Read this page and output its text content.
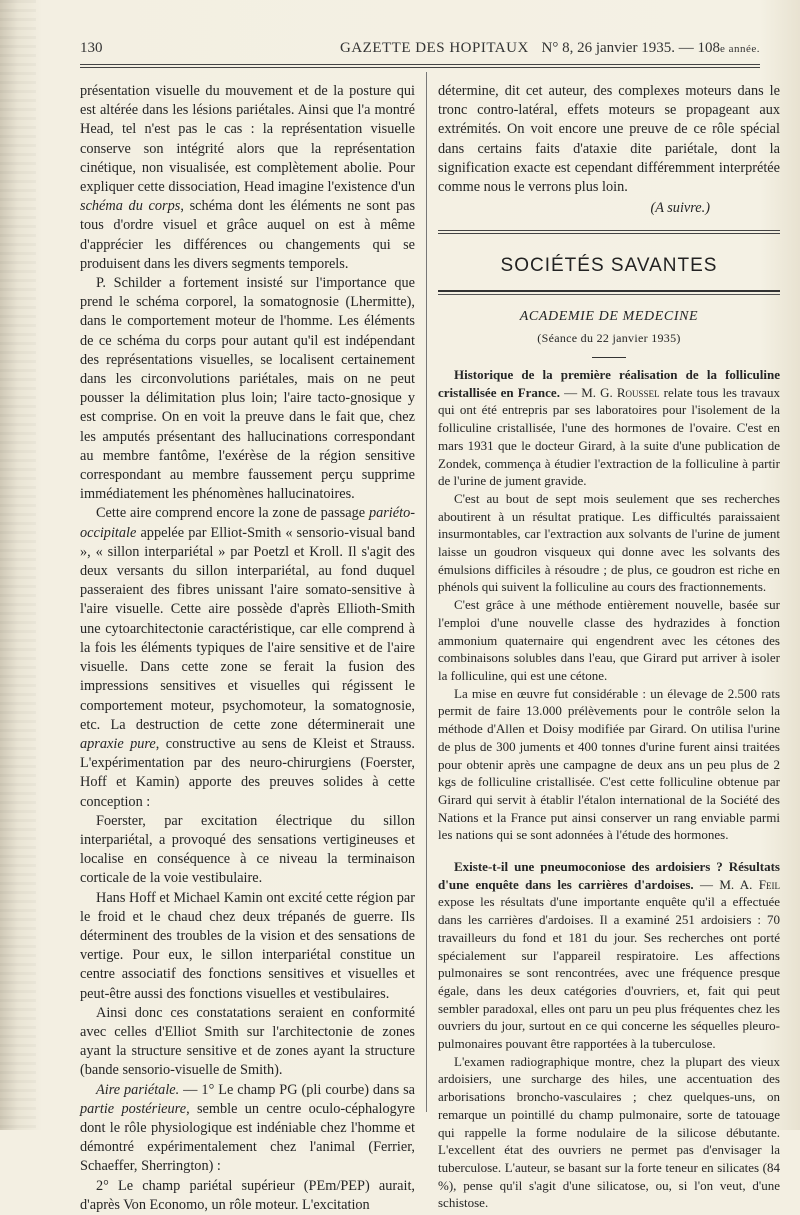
130	GAZETTE DES HOPITAUX N° 8, 26 janvier 1935. — 108e année.

présentation visuelle du mouvement et de la posture qui est altérée dans les lésions pariétales. Ainsi que l'a montré Head, tel n'est pas le cas : la représentation visuelle conserve son intégrité alors que la représentation cinétique, non visualisée, est complètement abolie. Pour expliquer cette dissociation, Head imagine l'existence d'un schéma du corps, schéma dont les éléments ne sont pas tous d'ordre visuel et grâce auquel on est à même d'apprécier les différences ou changements qui se produisent dans les divers segments temporels.

P. Schilder a fortement insisté sur l'importance que prend le schéma corporel, la somatognosie (Lhermitte), dans le comportement moteur de l'homme. Les éléments de ce schéma du corps pour autant qu'il est indépendant des représentations visuelles, se localisent certainement dans les circonvolutions pariétales, mais on ne peut pousser la délimitation plus loin; l'aire tacto-gnosique y est comprise. On en voit la preuve dans le fait que, chez les amputés présentant des hallucinations correspondant au membre fantôme, l'exérèse de la région sensitive correspondant au membre faussement perçu supprime immédiatement les phénomènes hallucinatoires.

Cette aire comprend encore la zone de passage pariéto-occipitale appelée par Elliot-Smith « sensorio-visual band », « sillon interpariétal » par Poetzl et Kroll. Il s'agit des deux versants du sillon interpariétal, au fond duquel passeraient des fibres unissant l'aire somato-sensitive à l'aire visuelle. Cette aire possède d'après Ellioth-Smith une cytoarchitectonie caractéristique, car elle comprend à la fois les éléments typiques de l'aire sensitive et de l'aire visuelle. Dans cette zone se ferait la fusion des impressions sensitives et visuelles qui régissent le comportement moteur, psychomoteur, la somatognosie, etc. La destruction de cette zone déterminerait une apraxie pure, constructive au sens de Kleist et Strauss. L'expérimentation par des neuro-chirurgiens (Foerster, Hoff et Kamin) apporte des preuves solides à cette conception :

Foerster, par excitation électrique du sillon interpariétal, a provoqué des sensations vertigineuses et localise en conséquence à ce niveau la terminaison corticale de la voie vestibulaire.

Hans Hoff et Michael Kamin ont excité cette région par le froid et le chaud chez deux trépanés de guerre. Ils déterminent des troubles de la vision et des sensations de vertige. Pour eux, le sillon interpariétal constitue un centre associatif des fonctions sensitives et visuelles et peut-être aussi des fonctions visuelles et vestibulaires.

Ainsi donc ces constatations seraient en conformité avec celles d'Elliot Smith sur l'architectonie de zones ayant la structure sensitive et de zones ayant la structure (bande sensorio-visuelle de Smith).

Aire pariétale. — 1° Le champ PG (pli courbe) dans sa partie postérieure, semble un centre oculo-céphalogyre dont le rôle physiologique est indéniable chez l'homme et démontré expérimentalement chez l'animal (Ferrier, Schaeffer, Sherrington) :

2° Le champ pariétal supérieur (PEm/PEP) aurait, d'après Von Economo, un rôle moteur. L'excitation

détermine, dit cet auteur, des complexes moteurs dans le tronc contro-latéral, effets moteurs se propageant aux extrémités. On voit encore une preuve de ce rôle spécial dans certains faits d'ataxie dite pariétale, dont la signification exacte est cependant différemment interprétée comme nous le verrons plus loin.

(A suivre.)
SOCIÉTÉS SAVANTES
ACADEMIE DE MEDECINE
(Séance du 22 janvier 1935)

Historique de la première réalisation de la folliculine cristallisée en France. — M. G. Roussel relate tous les travaux qui ont été entrepris par ses laboratoires pour l'isolement de la folliculine cristallisée, l'une des hormones de l'ovaire. C'est en mars 1931 que le docteur Girard, à la suite d'une publication de Zondek, commença à étudier l'extraction de la folliculine à partir de l'urine de jument gravide.

C'est au bout de sept mois seulement que ses recherches aboutirent à un résultat pratique. Les difficultés paraissaient insurmontables, car l'extraction aux solvants de l'urine de jument laisse un goudron visqueux qui donne avec les solvants des émulsions difficiles à résoudre ; de plus, ce goudron est riche en phénols qui suivent la folliculine au cours des fractionnements.

C'est grâce à une méthode entièrement nouvelle, basée sur l'emploi d'une nouvelle classe des hydrazides à fonction ammonium quaternaire qui engendrent avec les cétones des combinaisons solubles dans l'eau, que Girard put arriver à isoler la folliculine, qui est une cétone.

La mise en œuvre fut considérable : un élevage de 2.500 rats permit de faire 13.000 prélèvements pour le contrôle selon la méthode d'Allen et Doisy modifiée par Girard. On utilisa l'urine de plus de 300 juments et 400 tonnes d'urine furent ainsi traitées pour obtenir après une campagne de deux ans un peu plus de 2 kgs de folliculine cristallisée. C'est cette folliculine obtenue par Girard qui servit à établir l'étalon international de la Société des Nations et la France put ainsi conserver un rang enviable parmi les nations qui se sont adonnées à l'étude des hormones.

Existe-t-il une pneumoconiose des ardoisiers ? Résultats d'une enquête dans les carrières d'ardoises. — M. A. Feil expose les résultats d'une importante enquête qu'il a effectuée dans les carrières d'ardoises. Il a examiné 251 ardoisiers : 70 travailleurs du fond et 181 du jour. Ses recherches ont porté spécialement sur l'appareil respiratoire. Les affections pulmonaires se sont rencontrées, avec une fréquence presque égale, dans les deux catégories d'ouvriers, et, fait qui peut sembler paradoxal, elles ont paru un peu plus fréquentes chez les ouvriers du jour, surtout en ce qui concerne les séquelles pleuro-pulmonaires pouvant être rapportées à la tuberculose.

L'examen radiographique montre, chez la plupart des vieux ardoisiers, une surcharge des hiles, une accentuation des arborisations broncho-vasculaires ; chez quelques-uns, on remarque un pointillé du champ pulmonaire, sorte de tatouage qui rappelle la forme nodulaire de la silicose débutante. L'excellent état des ouvriers ne permet pas d'envisager la tuberculose. L'auteur, se basant sur la forte teneur en silicates (84 %), pense qu'il s'agit d'une silicatose, ou, si l'on veut, d'une schistose.
